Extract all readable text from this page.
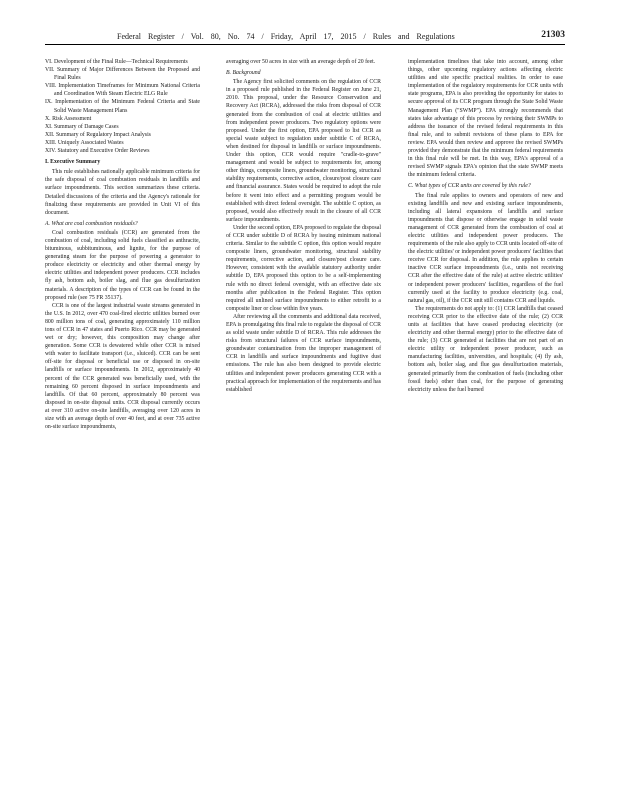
Federal Register / Vol. 80, No. 74 / Friday, April 17, 2015 / Rules and Regulations	21303
VI. Development of the Final Rule—Technical Requirements
VII. Summary of Major Differences Between the Proposed and Final Rules
VIII. Implementation Timeframes for Minimum National Criteria and Coordination With Steam Electric ELG Rule
IX. Implementation of the Minimum Federal Criteria and State Solid Waste Management Plans
X. Risk Assessment
XI. Summary of Damage Cases
XII. Summary of Regulatory Impact Analysis
XIII. Uniquely Associated Wastes
XIV. Statutory and Executive Order Reviews
I. Executive Summary

This rule establishes nationally applicable minimum criteria for the safe disposal of coal combustion residuals in landfills and surface impoundments. This section summarizes these criteria. Detailed discussions of the criteria and the Agency's rationale for finalizing these requirements are provided in Unit VI of this document.

A. What are coal combustion residuals?

Coal combustion residuals (CCR) are generated from the combustion of coal, including solid fuels classified as anthracite, bituminous, subbituminous, and lignite, for the purpose of generating steam for the purpose of powering a generator to produce electricity or electricity and other thermal energy by electric utilities and independent power producers. CCR includes fly ash, bottom ash, boiler slag, and flue gas desulfurization materials. A description of the types of CCR can be found in the proposed rule (see 75 FR 35137).

CCR is one of the largest industrial waste streams generated in the U.S. In 2012, over 470 coal-fired electric utilities burned over 800 million tons of coal, generating approximately 110 million tons of CCR in 47 states and Puerto Rico. CCR may be generated wet or dry; however, this composition may change after generation. Some CCR is dewatered while other CCR is mixed with water to facilitate transport (i.e., sluiced). CCR can be sent off-site for disposal or beneficial use or disposed in on-site landfills or surface impoundments. In 2012, approximately 40 percent of the CCR generated was beneficially used, with the remaining 60 percent disposed in surface impoundments and landfills. Of that 60 percent, approximately 80 percent was disposed in on-site disposal units. CCR disposal currently occurs at over 310 active on-site landfills, averaging over 120 acres in size with an average depth of over 40 feet, and at over 735 active on-site surface impoundments,

averaging over 50 acres in size with an average depth of 20 feet.

B. Background

The Agency first solicited comments on the regulation of CCR in a proposed rule published in the Federal Register on June 21, 2010. This proposal, under the Resource Conservation and Recovery Act (RCRA), addressed the risks from disposal of CCR generated from the combustion of coal at electric utilities and from independent power producers. Two regulatory options were proposed. Under the first option, EPA proposed to list CCR as special waste subject to regulation under subtitle C of RCRA, when destined for disposal in landfills or surface impoundments. Under this option, CCR would require "cradle-to-grave" management and would be subject to requirements for, among other things, composite liners, groundwater monitoring, structural stability requirements, corrective action, closure/post closure care and financial assurance. States would be required to adopt the rule before it went into effect and a permitting program would be established with direct federal oversight. The subtitle C option, as proposed, would also effectively result in the closure of all CCR surface impoundments.

Under the second option, EPA proposed to regulate the disposal of CCR under subtitle D of RCRA by issuing minimum national criteria. Similar to the subtitle C option, this option would require composite liners, groundwater monitoring, structural stability requirements, corrective action, and closure/post closure care. However, consistent with the available statutory authority under subtitle D, EPA proposed this option to be a self-implementing rule with no direct federal oversight, with an effective date six months after publication in the Federal Register. This option required all unlined surface impoundments to either retrofit to a composite liner or close within five years.

After reviewing all the comments and additional data received, EPA is promulgating this final rule to regulate the disposal of CCR as solid waste under subtitle D of RCRA. This rule addresses the risks from structural failures of CCR surface impoundments, groundwater contamination from the improper management of CCR in landfills and surface impoundments and fugitive dust emissions. The rule has also been designed to provide electric utilities and independent power producers generating CCR with a practical approach for implementation of the requirements and has established

implementation timelines that take into account, among other things, other upcoming regulatory actions affecting electric utilities and site specific practical realities. In order to ease implementation of the regulatory requirements for CCR units with state programs, EPA is also providing the opportunity for states to secure approval of its CCR program through the State Solid Waste Management Plan ("SWMP"). EPA strongly recommends that states take advantage of this process by revising their SWMPs to address the issuance of the revised federal requirements in this final rule, and to submit revisions of these plans to EPA for review. EPA would then review and approve the revised SWMPs provided they demonstrate that the minimum federal requirements in this final rule will be met. In this way, EPA's approval of a revised SWMP signals EPA's opinion that the state SWMP meets the minimum federal criteria.

C. What types of CCR units are covered by this rule?

The final rule applies to owners and operators of new and existing landfills and new and existing surface impoundments, including all lateral expansions of landfills and surface impoundments that dispose or otherwise engage in solid waste management of CCR generated from the combustion of coal at electric utilities and independent power producers. The requirements of the rule also apply to CCR units located off-site of the electric utilities' or independent power producers' facilities that receive CCR for disposal. In addition, the rule applies to certain inactive CCR surface impoundments (i.e., units not receiving CCR after the effective date of the rule) at active electric utilities' or independent power producers' facilities, regardless of the fuel currently used at the facility to produce electricity (e.g. coal, natural gas, oil), if the CCR unit still contains CCR and liquids.

The requirements do not apply to: (1) CCR landfills that ceased receiving CCR prior to the effective date of the rule; (2) CCR units at facilities that have ceased producing electricity (or electricity and other thermal energy) prior to the effective date of the rule; (3) CCR generated at facilities that are not part of an electric utility or independent power producer, such as manufacturing facilities, universities, and hospitals; (4) fly ash, bottom ash, boiler slag, and flue gas desulfurization materials, generated primarily from the combustion of fuels (including other fossil fuels) other than coal, for the purpose of generating electricity unless the fuel burned
